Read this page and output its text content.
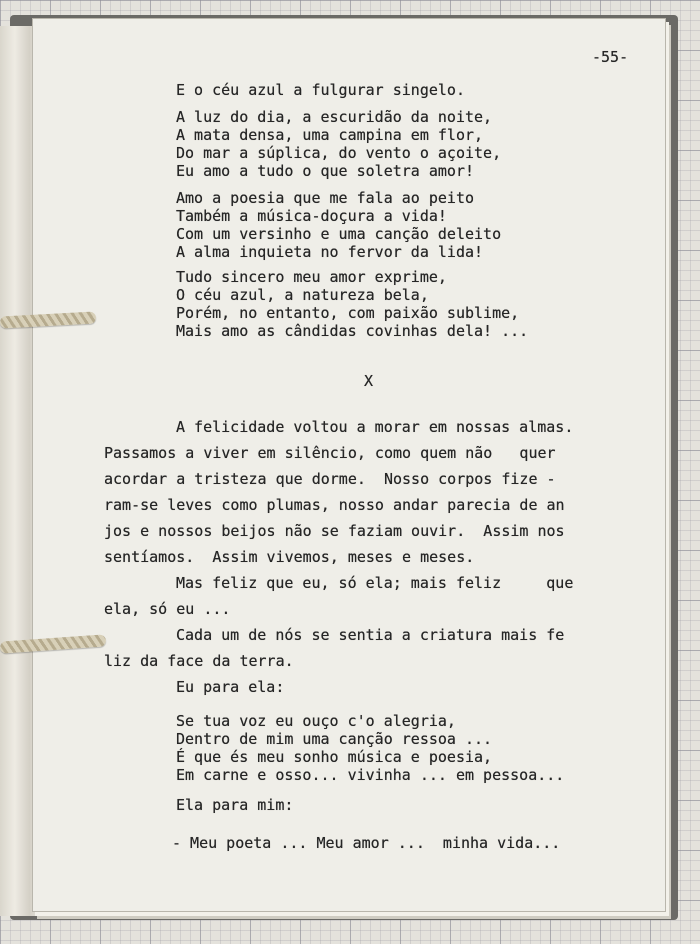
-55-
E o céu azul a fulgurar singelo.
A luz do dia, a escuridão da noite,
A mata densa, uma campina em flor,
Do mar a súplica, do vento o açoite,
Eu amo a tudo o que soletra amor!
Amo a poesia que me fala ao peito
Também a música-doçura a vida!
Com um versinho e uma canção deleito
A alma inquieta no fervor da lida!
Tudo sincero meu amor exprime,
O céu azul, a natureza bela,
Porém, no entanto, com paixão sublime,
Mais amo as cândidas covinhas dela! ...
X
A felicidade voltou a morar em nossas almas.
Passamos a viver em silêncio, como quem não   quer
acordar a tristeza que dorme.  Nosso corpos fize -
ram-se leves como plumas, nosso andar parecia de an
jos e nossos beijos não se faziam ouvir.  Assim nos
sentíamos.  Assim vivemos, meses e meses.
Mas feliz que eu, só ela; mais feliz     que
ela, só eu ...
Cada um de nós se sentia a criatura mais fe
liz da face da terra.
Eu para ela:
Se tua voz eu ouço c'o alegria,
Dentro de mim uma canção ressoa ...
É que és meu sonho música e poesia,
Em carne e osso... vivinha ... em pessoa...
Ela para mim:
- Meu poeta ... Meu amor ...  minha vida...
